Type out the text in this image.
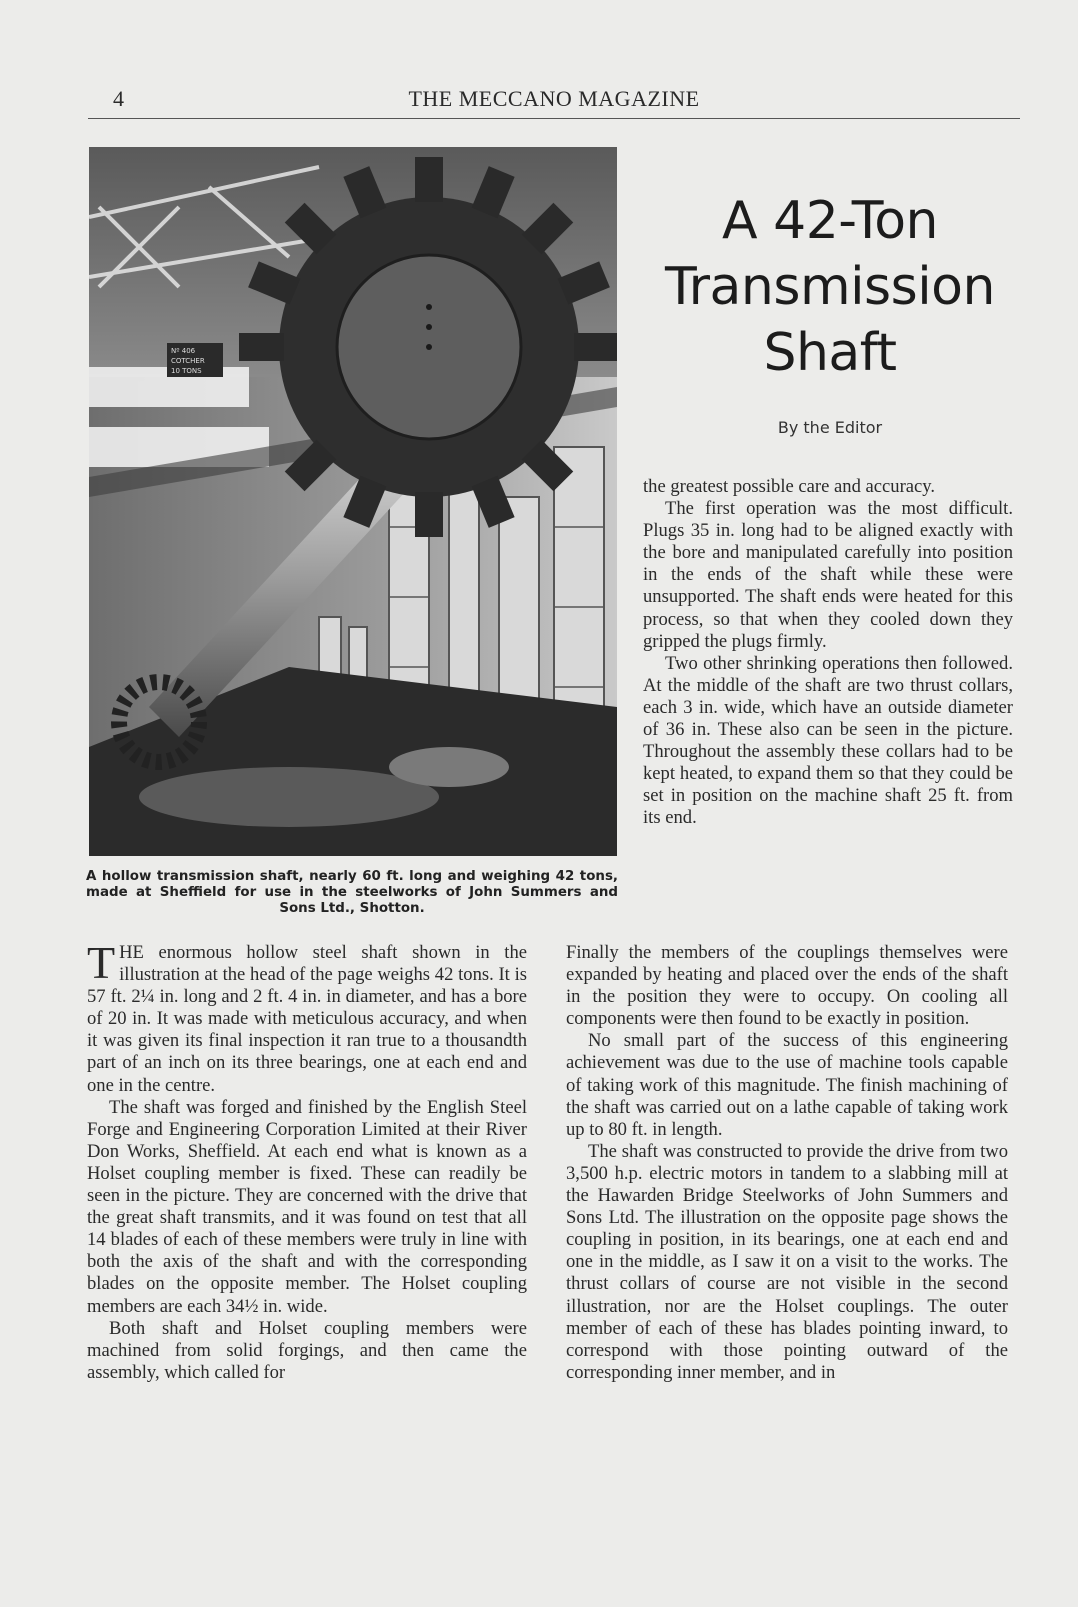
4	THE MECCANO MAGAZINE
Nº 406
COTCHER
10 TONS
A hollow transmission shaft, nearly 60 ft. long and weighing 42 tons, made at Sheffield for use in the steelworks of John Summers and Sons Ltd., Shotton.
A 42-Ton
Transmission
Shaft
By the Editor

the greatest possible care and accuracy.

The first operation was the most difficult. Plugs 35 in. long had to be aligned exactly with the bore and manipulated carefully into position in the ends of the shaft while these were unsupported. The shaft ends were heated for this process, so that when they cooled down they gripped the plugs firmly.

Two other shrinking operations then followed. At the middle of the shaft are two thrust collars, each 3 in. wide, which have an outside diameter of 36 in. These also can be seen in the picture. Throughout the assembly these collars had to be kept heated, to expand them so that they could be set in position on the machine shaft 25 ft. from its end.

THE enormous hollow steel shaft shown in the illustration at the head of the page weighs 42 tons. It is 57 ft. 2¼ in. long and 2 ft. 4 in. in diameter, and has a bore of 20 in. It was made with meticulous accuracy, and when it was given its final inspection it ran true to a thousandth part of an inch on its three bearings, one at each end and one in the centre.

The shaft was forged and finished by the English Steel Forge and Engineering Corporation Limited at their River Don Works, Sheffield. At each end what is known as a Holset coupling member is fixed. These can readily be seen in the picture. They are concerned with the drive that the great shaft transmits, and it was found on test that all 14 blades of each of these members were truly in line with both the axis of the shaft and with the corresponding blades on the opposite member. The Holset coupling members are each 34½ in. wide.

Both shaft and Holset coupling members were machined from solid forgings, and then came the assembly, which called for

Finally the members of the couplings themselves were expanded by heating and placed over the ends of the shaft in the position they were to occupy. On cooling all components were then found to be exactly in position.

No small part of the success of this engineering achievement was due to the use of machine tools capable of taking work of this magnitude. The finish machining of the shaft was carried out on a lathe capable of taking work up to 80 ft. in length.

The shaft was constructed to provide the drive from two 3,500 h.p. electric motors in tandem to a slabbing mill at the Hawarden Bridge Steelworks of John Summers and Sons Ltd. The illustration on the opposite page shows the coupling in position, in its bearings, one at each end and one in the middle, as I saw it on a visit to the works. The thrust collars of course are not visible in the second illustration, nor are the Holset couplings. The outer member of each of these has blades pointing inward, to correspond with those pointing outward of the corresponding inner member, and in
